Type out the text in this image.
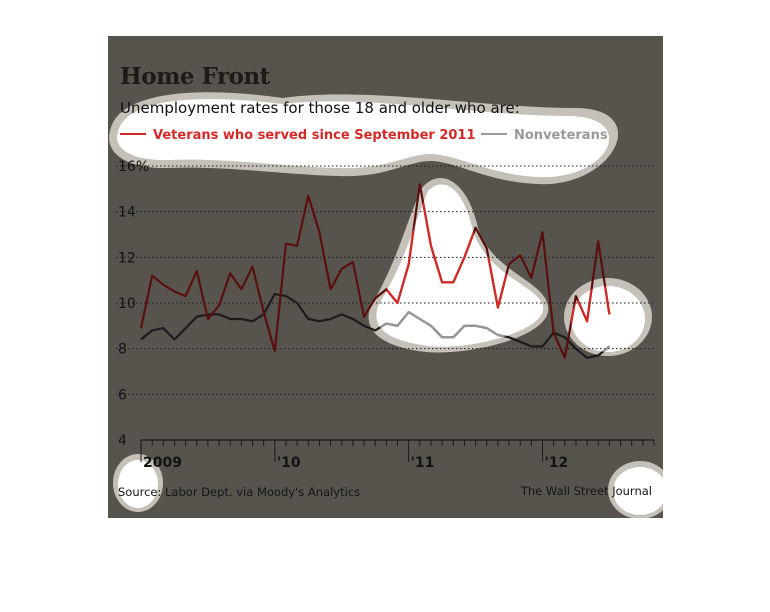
Home Front
Unemployment rates for those 18 and older who are:
Veterans who served since September 2011	Nonveterans
16%
14
12
10
8
6
4
2009	'10	'11	'12
Source: Labor Dept. via Moody's Analytics	The Wall Street Journal
